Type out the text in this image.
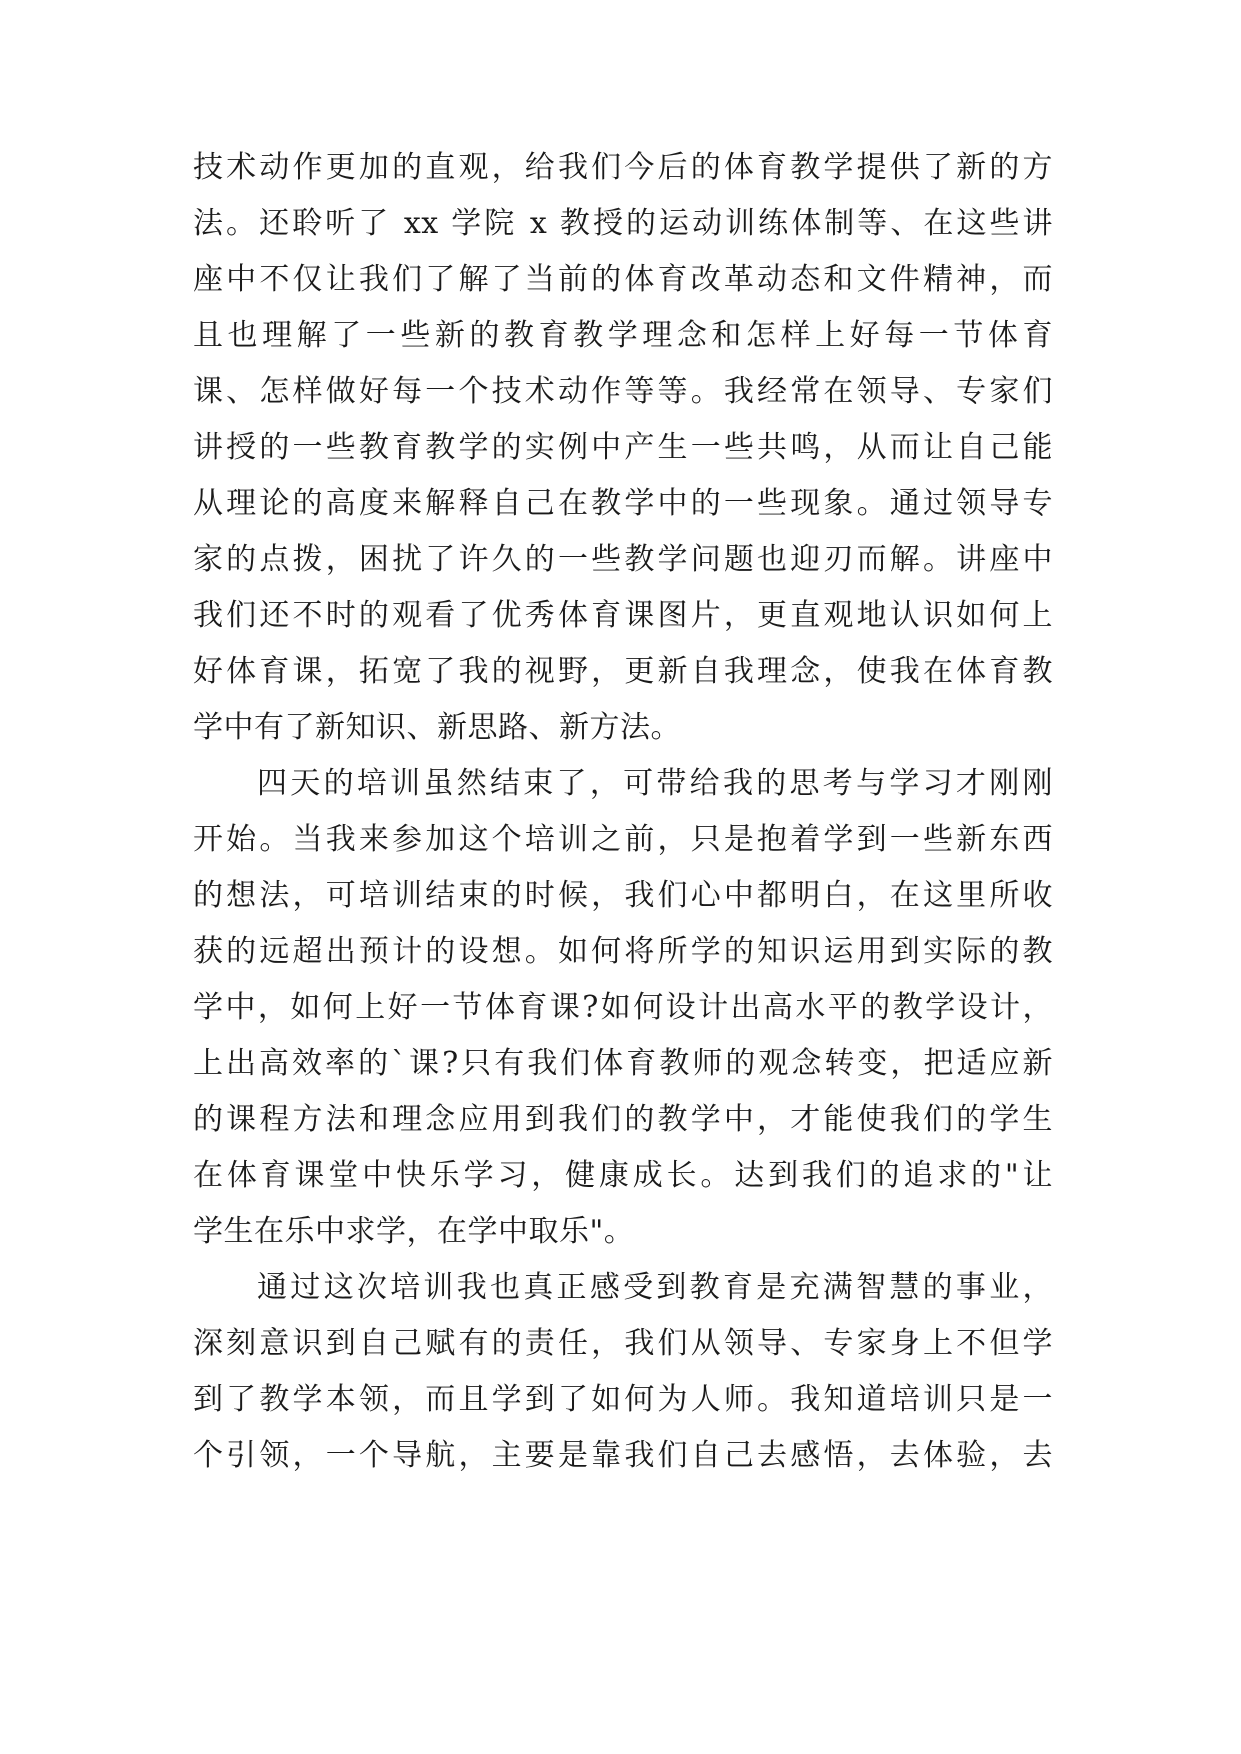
技术动作更加的直观，给我们今后的体育教学提供了新的方
法。还聆听了 xx 学院 x 教授的运动训练体制等、在这些讲
座中不仅让我们了解了当前的体育改革动态和文件精神，而
且也理解了一些新的教育教学理念和怎样上好每一节体育
课、怎样做好每一个技术动作等等。我经常在领导、专家们
讲授的一些教育教学的实例中产生一些共鸣，从而让自己能
从理论的高度来解释自己在教学中的一些现象。通过领导专
家的点拨，困扰了许久的一些教学问题也迎刃而解。讲座中
我们还不时的观看了优秀体育课图片，更直观地认识如何上
好体育课，拓宽了我的视野，更新自我理念，使我在体育教
学中有了新知识、新思路、新方法。
四天的培训虽然结束了，可带给我的思考与学习才刚刚
开始。当我来参加这个培训之前，只是抱着学到一些新东西
的想法，可培训结束的时候，我们心中都明白，在这里所收
获的远超出预计的设想。如何将所学的知识运用到实际的教
学中，如何上好一节体育课?如何设计出高水平的教学设计，
上出高效率的`课?只有我们体育教师的观念转变，把适应新
的课程方法和理念应用到我们的教学中，才能使我们的学生
在体育课堂中快乐学习，健康成长。达到我们的追求的"让
学生在乐中求学，在学中取乐"。
通过这次培训我也真正感受到教育是充满智慧的事业，
深刻意识到自己赋有的责任，我们从领导、专家身上不但学
到了教学本领，而且学到了如何为人师。我知道培训只是一
个引领，一个导航，主要是靠我们自己去感悟，去体验，去
